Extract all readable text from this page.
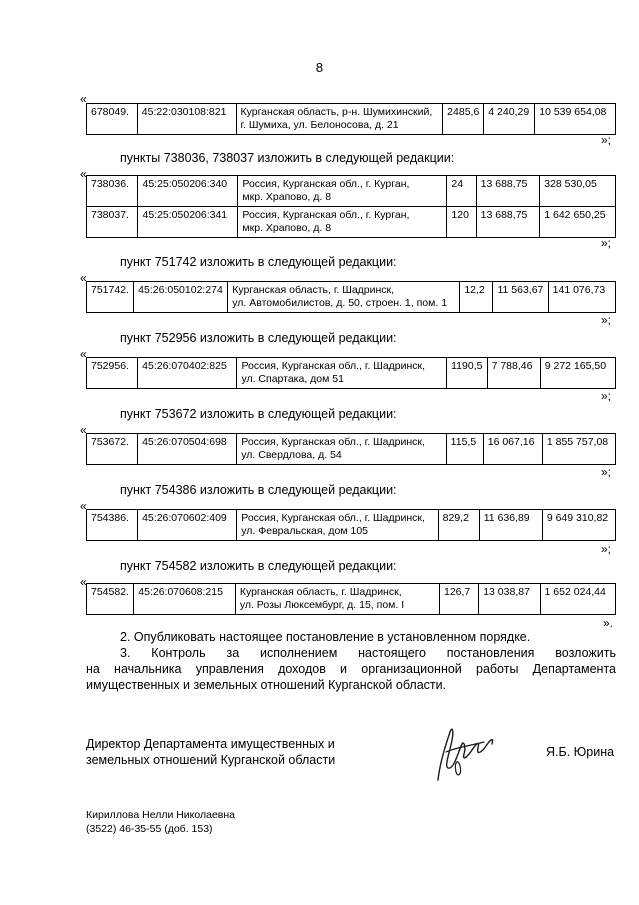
8
«
678049.	45:22:030108:821	Курганская область, р-н. Шумихинский,
г. Шумиха, ул. Белоносова, д. 21	2485,6	4 240,29	10 539 654,08
»;
пункты 738036, 738037 изложить в следующей редакции:
«
738036.	45:25:050206:340	Россия, Курганская обл., г. Курган,
мкр. Храпово, д. 8	24	13 688,75	328 530,05
738037.	45:25:050206:341	Россия, Курганская обл., г. Курган,
мкр. Храпово, д. 8	120	13 688,75	1 642 650,25
»;
пункт 751742 изложить в следующей редакции:
«
751742.	45:26:050102:274	Курганская область, г. Шадринск,
ул. Автомобилистов, д. 50, строен. 1, пом. 1	12,2	11 563,67	141 076,73
»;
пункт 752956 изложить в следующей редакции:
«
752956.	45:26:070402:825	Россия, Курганская обл., г. Шадринск,
ул. Спартака, дом 51	1190,5	7 788,46	9 272 165,50
»;
пункт 753672 изложить в следующей редакции:
«
753672.	45:26:070504:698	Россия, Курганская обл., г. Шадринск,
ул. Свердлова, д. 54	115,5	16 067,16	1 855 757,08
»;
пункт 754386 изложить в следующей редакции:
«
754386.	45:26:070602:409	Россия, Курганская обл., г. Шадринск,
ул. Февральская, дом 105	829,2	11 636,89	9 649 310,82
»;
пункт 754582 изложить в следующей редакции:
«
754582.	45:26:070608:215	Курганская область, г. Шадринск,
ул. Розы Люксембург, д. 15, пом. I	126,7	13 038,87	1 652 024,44
».
2. Опубликовать настоящее постановление в установленном порядке.
3. Контроль за исполнением настоящего постановления возложить
на начальника управления доходов и организационной работы Департамента
имущественных и земельных отношений Курганской области.
Директор Департамента имущественных и
земельных отношений Курганской области
Я.Б. Юрина
Кириллова Нелли Николаевна
(3522) 46-35-55 (доб. 153)
